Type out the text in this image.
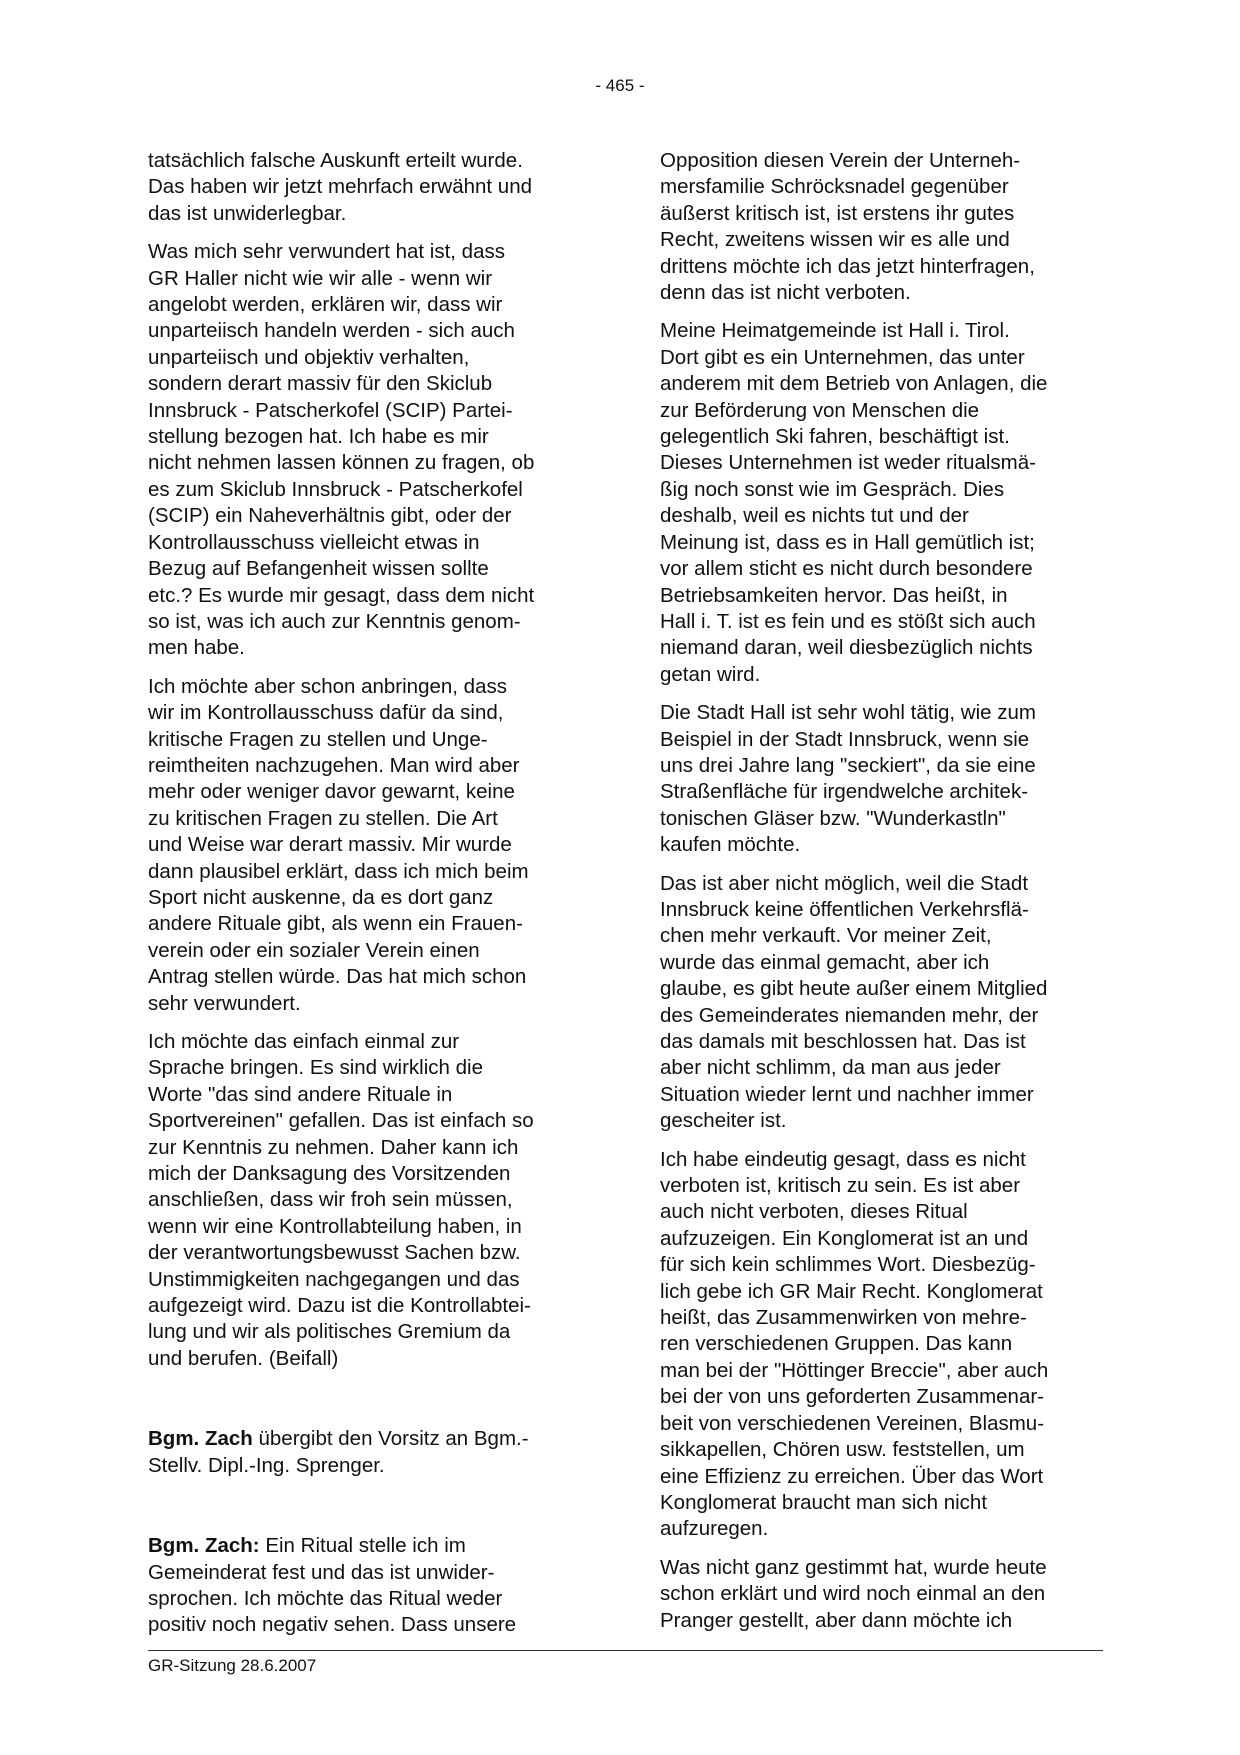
- 465 -

tatsächlich falsche Auskunft erteilt wurde.
Das haben wir jetzt mehrfach erwähnt und
das ist unwiderlegbar.

Was mich sehr verwundert hat ist, dass
GR Haller nicht wie wir alle - wenn wir
angelobt werden, erklären wir, dass wir
unparteiisch handeln werden - sich auch
unparteiisch und objektiv verhalten,
sondern derart massiv für den Skiclub
Innsbruck - Patscherkofel (SCIP) Partei-
stellung bezogen hat. Ich habe es mir
nicht nehmen lassen können zu fragen, ob
es zum Skiclub Innsbruck - Patscherkofel
(SCIP) ein Naheverhältnis gibt, oder der
Kontrollausschuss vielleicht etwas in
Bezug auf Befangenheit wissen sollte
etc.? Es wurde mir gesagt, dass dem nicht
so ist, was ich auch zur Kenntnis genom-
men habe.

Ich möchte aber schon anbringen, dass
wir im Kontrollausschuss dafür da sind,
kritische Fragen zu stellen und Unge-
reimtheiten nachzugehen. Man wird aber
mehr oder weniger davor gewarnt, keine
zu kritischen Fragen zu stellen. Die Art
und Weise war derart massiv. Mir wurde
dann plausibel erklärt, dass ich mich beim
Sport nicht auskenne, da es dort ganz
andere Rituale gibt, als wenn ein Frauen-
verein oder ein sozialer Verein einen
Antrag stellen würde. Das hat mich schon
sehr verwundert.

Ich möchte das einfach einmal zur
Sprache bringen. Es sind wirklich die
Worte "das sind andere Rituale in
Sportvereinen" gefallen. Das ist einfach so
zur Kenntnis zu nehmen. Daher kann ich
mich der Danksagung des Vorsitzenden
anschließen, dass wir froh sein müssen,
wenn wir eine Kontrollabteilung haben, in
der verantwortungsbewusst Sachen bzw.
Unstimmigkeiten nachgegangen und das
aufgezeigt wird. Dazu ist die Kontrollabtei-
lung und wir als politisches Gremium da
und berufen. (Beifall)

Bgm. Zach übergibt den Vorsitz an Bgm.-
Stellv. Dipl.-Ing. Sprenger.

Bgm. Zach: Ein Ritual stelle ich im
Gemeinderat fest und das ist unwider-
sprochen. Ich möchte das Ritual weder
positiv noch negativ sehen. Dass unsere

Opposition diesen Verein der Unterneh-
mersfamilie Schröcksnadel gegenüber
äußerst kritisch ist, ist erstens ihr gutes
Recht, zweitens wissen wir es alle und
drittens möchte ich das jetzt hinterfragen,
denn das ist nicht verboten.

Meine Heimatgemeinde ist Hall i. Tirol.
Dort gibt es ein Unternehmen, das unter
anderem mit dem Betrieb von Anlagen, die
zur Beförderung von Menschen die
gelegentlich Ski fahren, beschäftigt ist.
Dieses Unternehmen ist weder ritualsmä-
ßig noch sonst wie im Gespräch. Dies
deshalb, weil es nichts tut und der
Meinung ist, dass es in Hall gemütlich ist;
vor allem sticht es nicht durch besondere
Betriebsamkeiten hervor. Das heißt, in
Hall i. T. ist es fein und es stößt sich auch
niemand daran, weil diesbezüglich nichts
getan wird.

Die Stadt Hall ist sehr wohl tätig, wie zum
Beispiel in der Stadt Innsbruck, wenn sie
uns drei Jahre lang "seckiert", da sie eine
Straßenfläche für irgendwelche architek-
tonischen Gläser bzw. "Wunderkastln"
kaufen möchte.

Das ist aber nicht möglich, weil die Stadt
Innsbruck keine öffentlichen Verkehrsflä-
chen mehr verkauft. Vor meiner Zeit,
wurde das einmal gemacht, aber ich
glaube, es gibt heute außer einem Mitglied
des Gemeinderates niemanden mehr, der
das damals mit beschlossen hat. Das ist
aber nicht schlimm, da man aus jeder
Situation wieder lernt und nachher immer
gescheiter ist.

Ich habe eindeutig gesagt, dass es nicht
verboten ist, kritisch zu sein. Es ist aber
auch nicht verboten, dieses Ritual
aufzuzeigen. Ein Konglomerat ist an und
für sich kein schlimmes Wort. Diesbezüg-
lich gebe ich GR Mair Recht. Konglomerat
heißt, das Zusammenwirken von mehre-
ren verschiedenen Gruppen. Das kann
man bei der "Höttinger Breccie", aber auch
bei der von uns geforderten Zusammenar-
beit von verschiedenen Vereinen, Blasmu-
sikkapellen, Chören usw. feststellen, um
eine Effizienz zu erreichen. Über das Wort
Konglomerat braucht man sich nicht
aufzuregen.

Was nicht ganz gestimmt hat, wurde heute
schon erklärt und wird noch einmal an den
Pranger gestellt, aber dann möchte ich

GR-Sitzung 28.6.2007
